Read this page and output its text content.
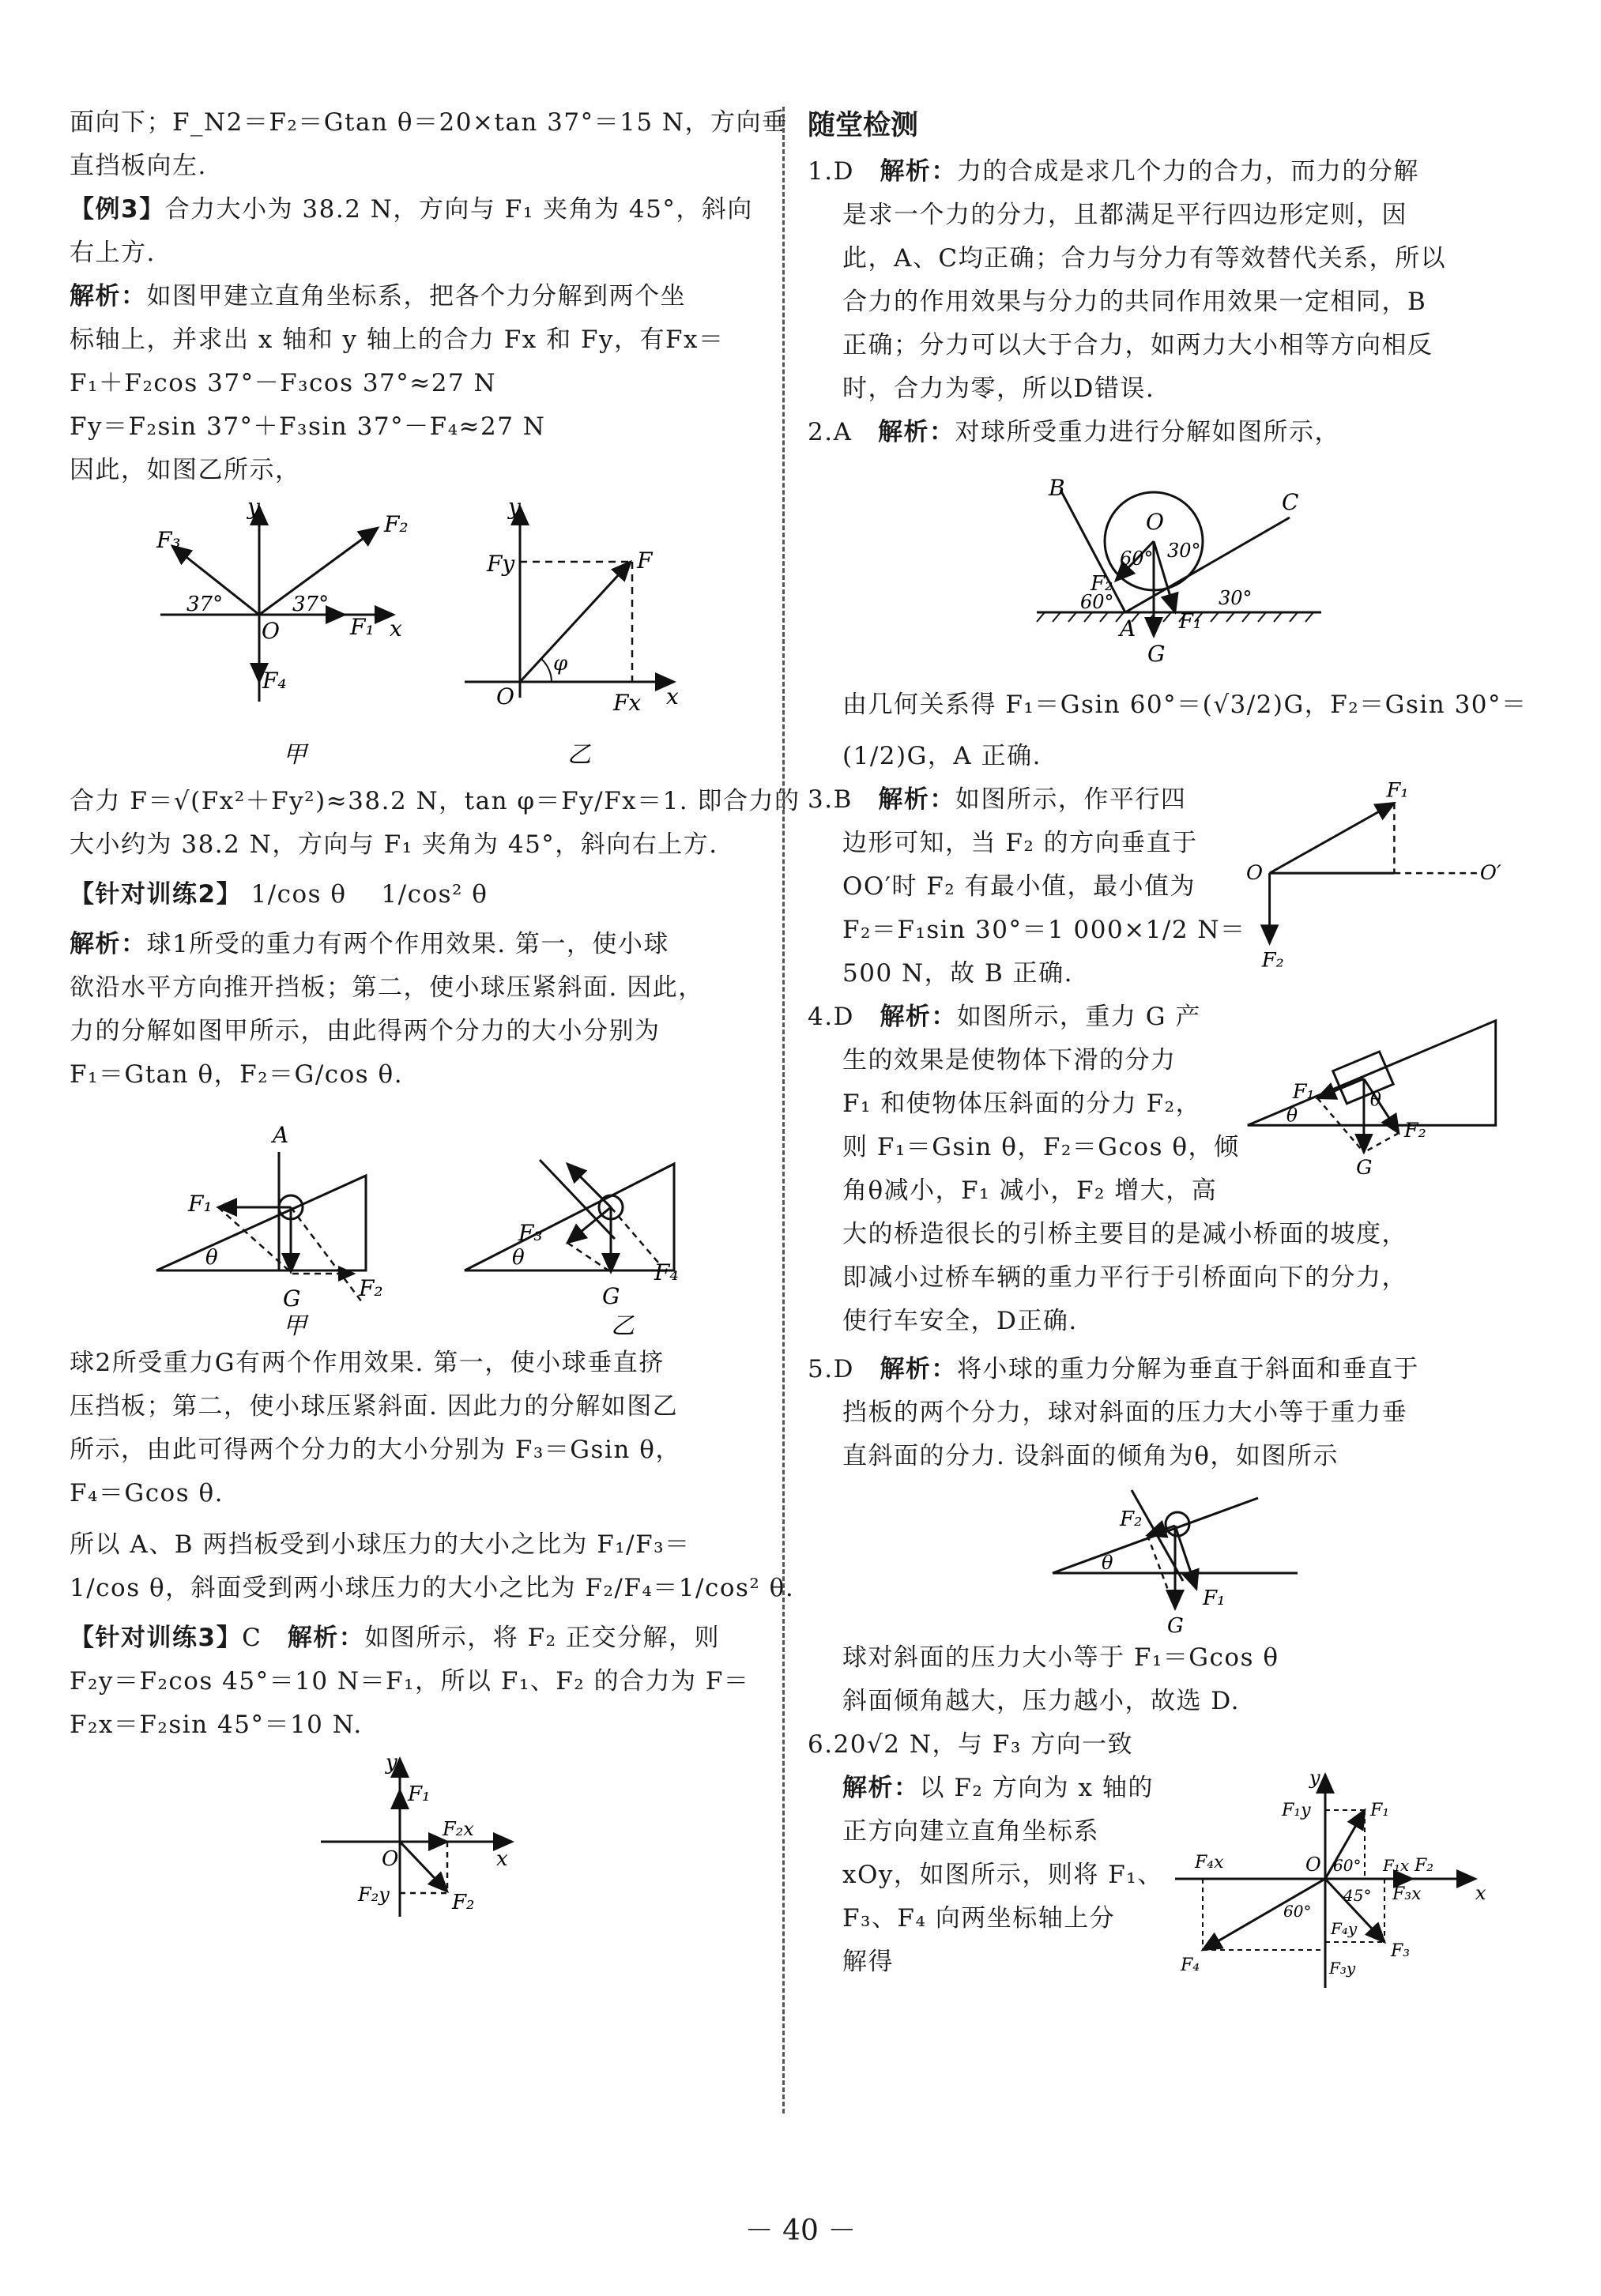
面向下；F_N2＝F₂＝Gtan θ＝20×tan 37°＝15 N，方向垂
直挡板向左.
【例3】合力大小为 38.2 N，方向与 F₁ 夹角为 45°，斜向
右上方.
解析：如图甲建立直角坐标系，把各个力分解到两个坐
标轴上，并求出 x 轴和 y 轴上的合力 Fx 和 Fy，有Fx＝
F₁＋F₂cos 37°－F₃cos 37°≈27 N
Fy＝F₂sin 37°＋F₃sin 37°－F₄≈27 N
因此，如图乙所示，
y
x
O	F₁
F₂
F₃
F₄
37°	37°
y
x
O
Fy
Fx
F
φ
甲	乙
合力 F＝√(Fx²＋Fy²)≈38.2 N，tan φ＝Fy/Fx＝1. 即合力的
大小约为 38.2 N，方向与 F₁ 夹角为 45°，斜向右上方.
【针对训练2】 1/cos θ　 1/cos² θ
解析：球1所受的重力有两个作用效果. 第一，使小球
欲沿水平方向推开挡板；第二，使小球压紧斜面. 因此，
力的分解如图甲所示，由此得两个分力的大小分别为
F₁＝Gtan θ，F₂＝G/cos θ.
A
F₁
F₂
G
θ
F₃
F₄
G
θ
甲	乙
球2所受重力G有两个作用效果. 第一，使小球垂直挤
压挡板；第二，使小球压紧斜面. 因此力的分解如图乙
所示，由此可得两个分力的大小分别为 F₃＝Gsin θ，
F₄＝Gcos θ.
所以 A、B 两挡板受到小球压力的大小之比为 F₁/F₃＝
1/cos θ，斜面受到两小球压力的大小之比为 F₂/F₄＝1/cos² θ.
【针对训练3】C　 解析：如图所示，将 F₂ 正交分解，则
F₂y＝F₂cos 45°＝10 N＝F₁，所以 F₁、F₂ 的合力为 F＝
F₂x＝F₂sin 45°＝10 N.
y
x
O
F₁
F₂x
F₂y	F₂
随堂检测
1.D　 解析：力的合成是求几个力的合力，而力的分解
是求一个力的分力，且都满足平行四边形定则，因
此，A、C均正确；合力与分力有等效替代关系，所以
合力的作用效果与分力的共同作用效果一定相同，B
正确；分力可以大于合力，如两力大小相等方向相反
时，合力为零，所以D错误.
2.A　 解析：对球所受重力进行分解如图所示，
B
C
O
F₂
F₁
A
G
30°
30°
60°
60°
由几何关系得 F₁＝Gsin 60°＝(√3/2)G，F₂＝Gsin 30°＝
(1/2)G，A 正确.
3.B　 解析：如图所示，作平行四
边形可知，当 F₂ 的方向垂直于
OO′时 F₂ 有最小值，最小值为
F₂＝F₁sin 30°＝1 000×1/2 N＝
500 N，故 B 正确.
F₁
O	O′
F₂
4.D　 解析：如图所示，重力 G 产
生的效果是使物体下滑的分力
F₁ 和使物体压斜面的分力 F₂，
则 F₁＝Gsin θ，F₂＝Gcos θ，倾
角θ减小，F₁ 减小，F₂ 增大，高
F₁
F₂
G
θ
θ
大的桥造很长的引桥主要目的是减小桥面的坡度，
即减小过桥车辆的重力平行于引桥面向下的分力，
使行车安全，D正确.
5.D　 解析：将小球的重力分解为垂直于斜面和垂直于
挡板的两个分力，球对斜面的压力大小等于重力垂
直斜面的分力. 设斜面的倾角为θ，如图所示
F₂
F₁
G
θ
球对斜面的压力大小等于 F₁＝Gcos θ
斜面倾角越大，压力越小，故选 D.
6.20√2 N，与 F₃ 方向一致
解析：以 F₂ 方向为 x 轴的
正方向建立直角坐标系
xOy，如图所示，则将 F₁、
F₃、F₄ 向两坐标轴上分
解得
y
x
O
F₁y	F₁
F₄x	F₁x F₂
60°
45°
60°
F₃x
F₄y
F₄
F₃
F₃y
－ 40 －
